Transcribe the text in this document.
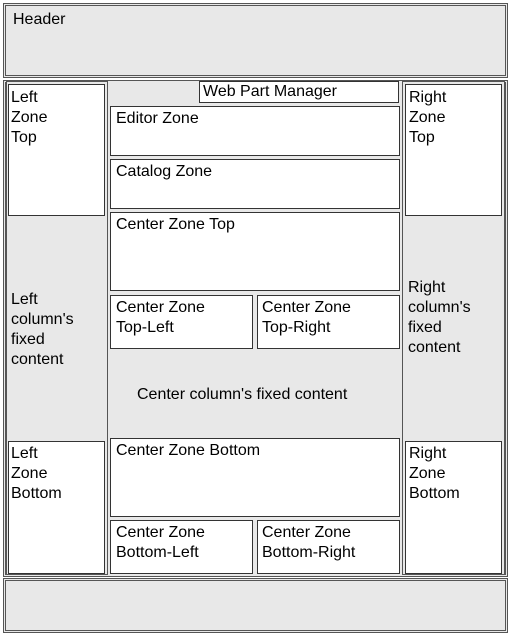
Header
Left
column's
fixed
content
Left
Zone
Top
Left
Zone
Bottom
Center column's fixed content
Web Part Manager
Editor Zone
Catalog Zone
Center Zone Top
Center Zone
Top-Left
Center Zone
Top-Right
Center Zone Bottom
Center Zone
Bottom-Left
Center Zone
Bottom-Right
Right
column's
fixed
content
Right
Zone
Top
Right
Zone
Bottom
